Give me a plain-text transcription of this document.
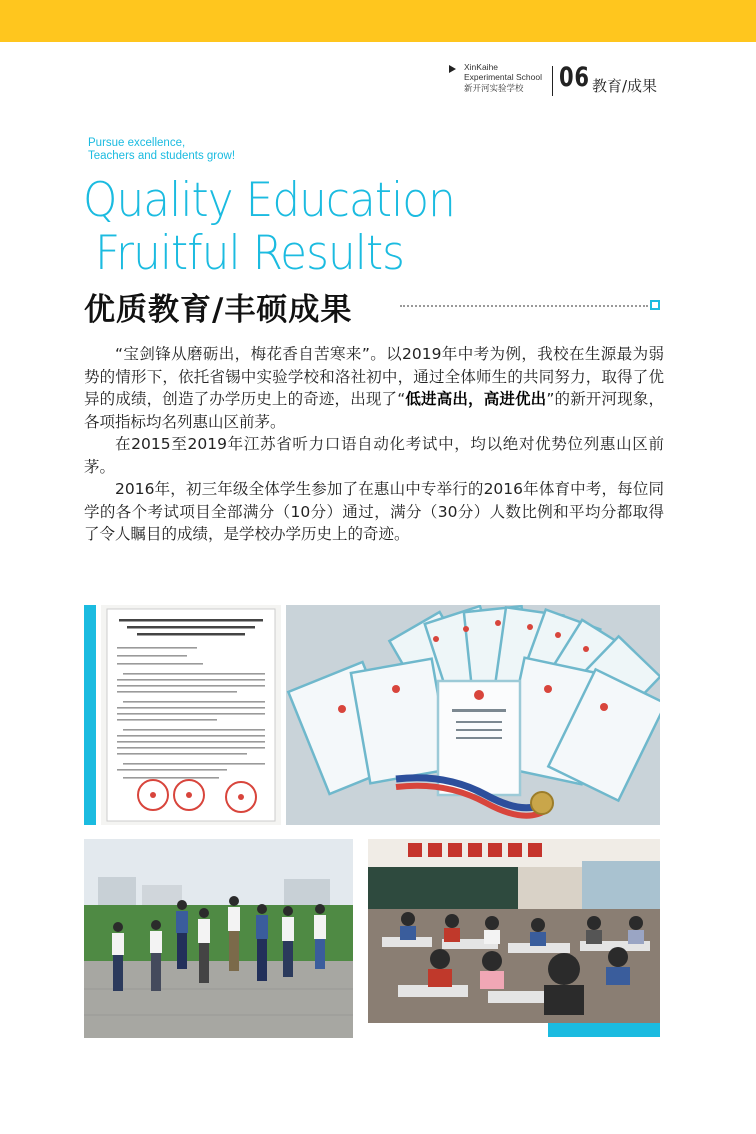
XinKaihe
Experimental School
新开河实验学校 06 教育/成果
Pursue excellence,
Teachers and students grow!
Quality Education
Fruitful Results
优质教育/丰硕成果

“宝剑锋从磨砺出，梅花香自苦寒来”。以2019年中考为例，我校在生源最为弱势的情形下，依托省锡中实验学校和洛社初中，通过全体师生的共同努力，取得了优异的成绩，创造了办学历史上的奇迹，出现了“低进高出，高进优出”的新开河现象，各项指标均名列惠山区前茅。

在2015至2019年江苏省听力口语自动化考试中，均以绝对优势位列惠山区前茅。

2016年，初三年级全体学生参加了在惠山中专举行的2016年体育中考，每位同学的各个考试项目全部满分（10分）通过，满分（30分）人数比例和平均分都取得了令人瞩目的成绩，是学校办学历史上的奇迹。
